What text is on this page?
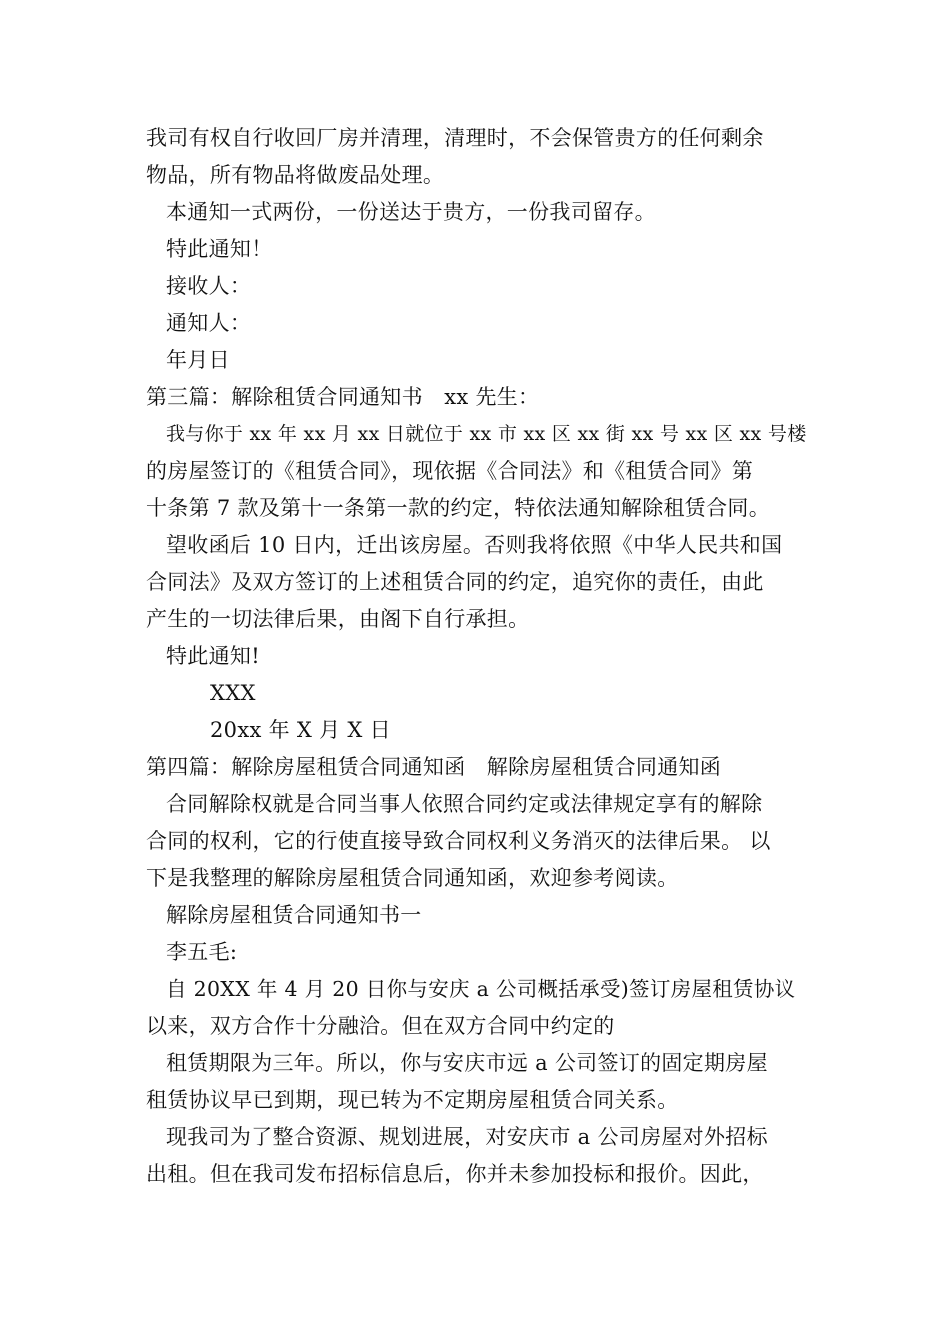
我司有权自行收回厂房并清理，清理时，不会保管贵方的任何剩余
物品，所有物品将做废品处理。
本通知一式两份，一份送达于贵方，一份我司留存。
特此通知！
接收人：
通知人：
年月日
第三篇：解除租赁合同通知书　xx 先生：
我与你于 xx 年 xx 月 xx 日就位于 xx 市 xx 区 xx 街 xx 号 xx 区 xx 号楼
的房屋签订的《租赁合同》，现依据《合同法》和《租赁合同》第
十条第 7 款及第十一条第一款的约定，特依法通知解除租赁合同。
望收函后 10 日内，迁出该房屋。否则我将依照《中华人民共和国
合同法》及双方签订的上述租赁合同的约定，追究你的责任，由此
产生的一切法律后果，由阁下自行承担。
特此通知!
XXX
20xx 年 X 月 X 日
第四篇：解除房屋租赁合同通知函　解除房屋租赁合同通知函
合同解除权就是合同当事人依照合同约定或法律规定享有的解除
合同的权利，它的行使直接导致合同权利义务消灭的法律后果。 以
下是我整理的解除房屋租赁合同通知函，欢迎参考阅读。
解除房屋租赁合同通知书一
李五毛:
自 20XX 年 4 月 20 日你与安庆 a 公司概括承受)签订房屋租赁协议
以来，双方合作十分融洽。但在双方合同中约定的
租赁期限为三年。所以，你与安庆市远 a 公司签订的固定期房屋
租赁协议早已到期，现已转为不定期房屋租赁合同关系。
现我司为了整合资源、规划进展，对安庆市 a 公司房屋对外招标
出租。但在我司发布招标信息后，你并未参加投标和报价。因此，
